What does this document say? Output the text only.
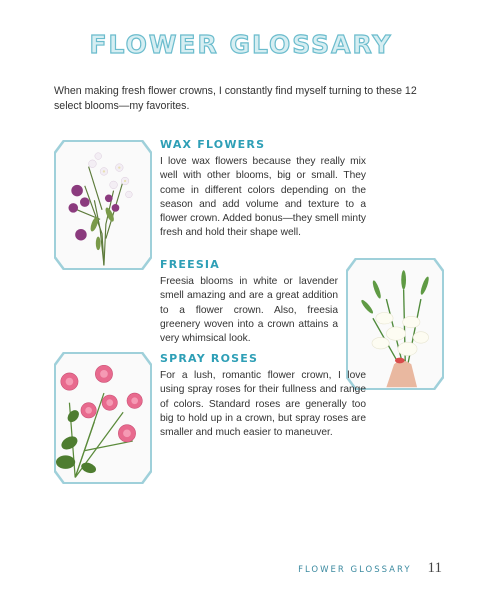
FLOWER GLOSSARY
When making fresh flower crowns, I constantly find myself turning to these 12 select blooms—my favorites.
WAX FLOWERS
I love wax flowers because they really mix well with other blooms, big or small. They come in different colors depending on the season and add volume and texture to a flower crown. Added bonus—they smell minty fresh and hold their shape well.
FREESIA
Freesia blooms in white or lavender smell amazing and are a great addition to a flower crown. Also, freesia greenery woven into a crown attains a very whimsical look.
SPRAY ROSES
For a lush, romantic flower crown, I love using spray roses for their fullness and range of colors. Standard roses are generally too big to hold up in a crown, but spray roses are smaller and much easier to maneuver.
FLOWER GLOSSARY 11
